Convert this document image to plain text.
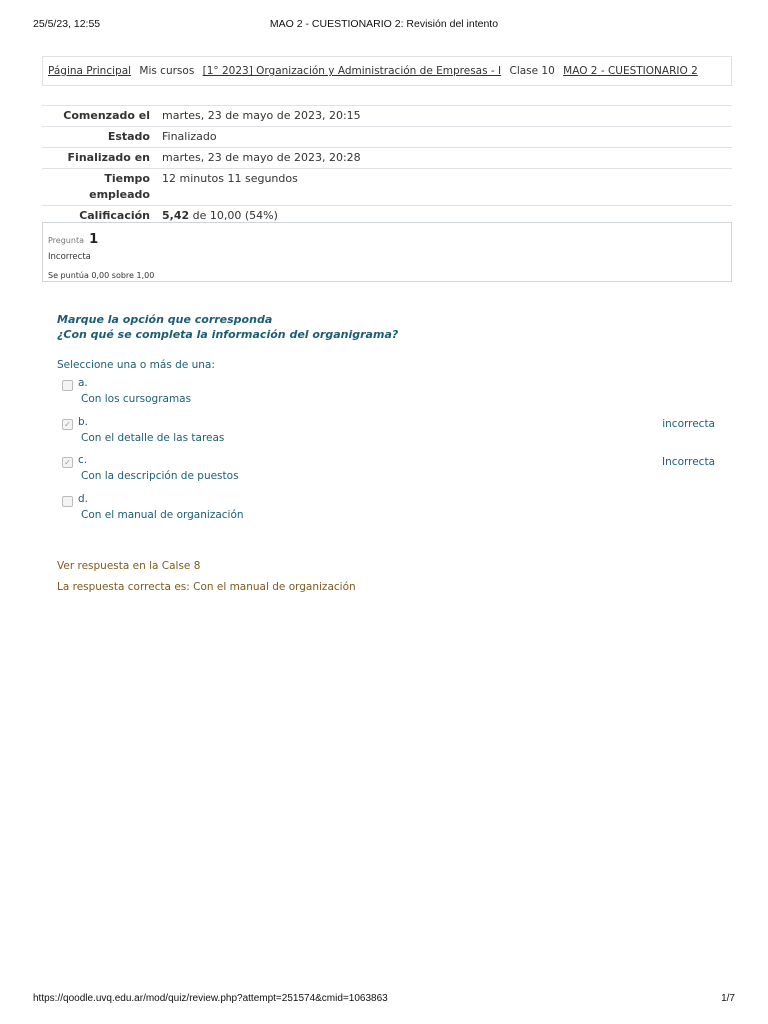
25/5/23, 12:55	MAO 2 - CUESTIONARIO 2: Revisión del intento
Página Principal Mis cursos [1° 2023] Organización y Administración de Empresas - I Clase 10 MAO 2 - CUESTIONARIO 2
Comenzado el	martes, 23 de mayo de 2023, 20:15
Estado	Finalizado
Finalizado en	martes, 23 de mayo de 2023, 20:28
Tiempo empleado	12 minutos 11 segundos
Calificación	5,42 de 10,00 (54%)
Pregunta 1
Incorrecta
Se puntúa 0,00 sobre 1,00
Marque la opción que corresponda
¿Con qué se completa la información del organigrama?
Seleccione una o más de una:
a.
Con los cursogramas
✓ b.
Con el detalle de las tareas
incorrecta
✓ c.
Con la descripción de puestos
Incorrecta
d.
Con el manual de organización
Ver respuesta en la Calse 8
La respuesta correcta es: Con el manual de organización
https://qoodle.uvq.edu.ar/mod/quiz/review.php?attempt=251574&cmid=1063863	1/7
